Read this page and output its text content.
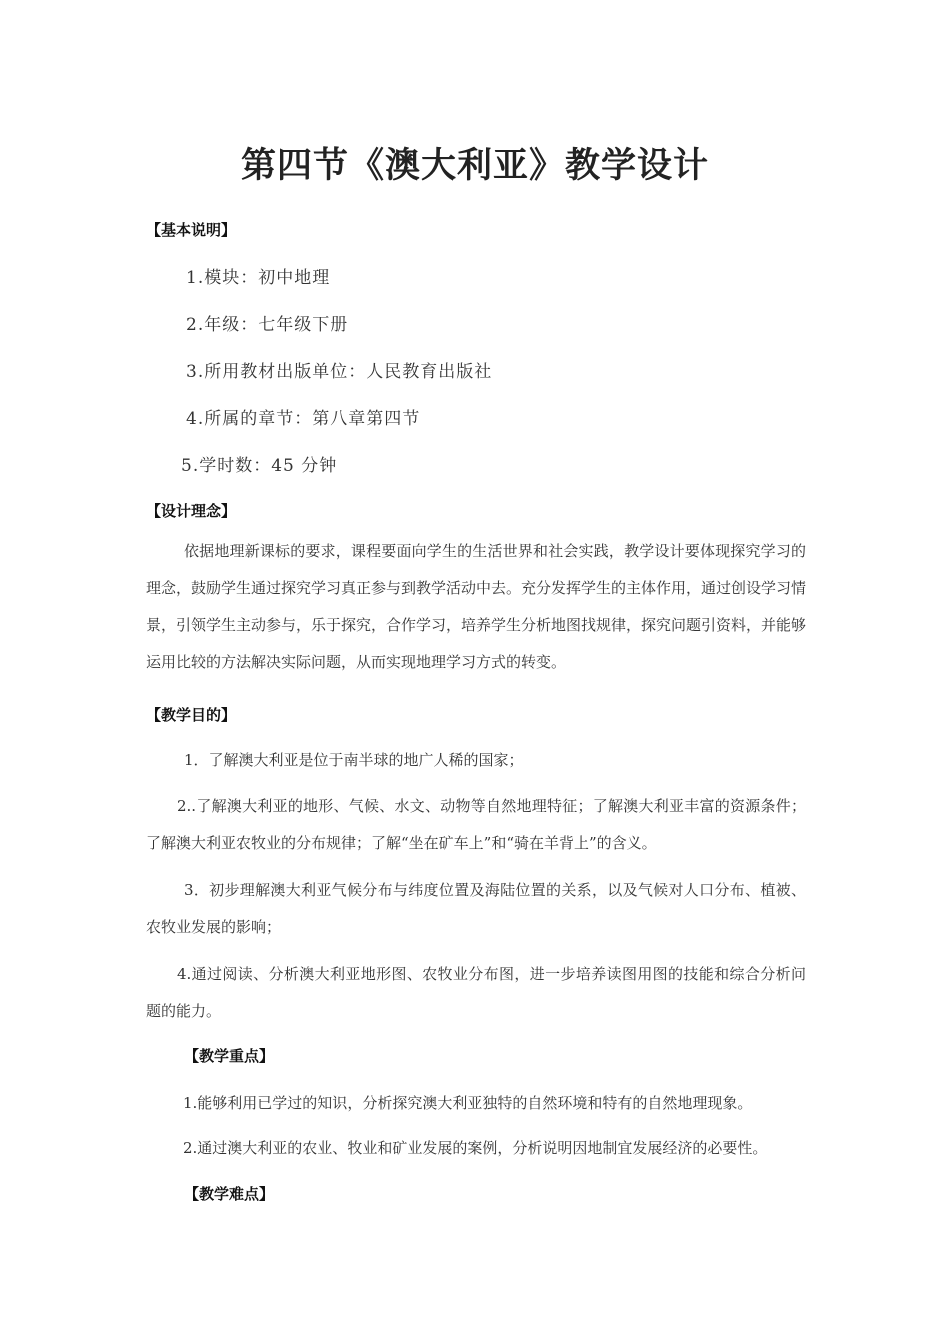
第四节《澳大利亚》教学设计
【基本说明】
1.模块：初中地理
2.年级：七年级下册
3.所用教材出版单位：人民教育出版社
4.所属的章节：第八章第四节
5.学时数：45 分钟
【设计理念】
依据地理新课标的要求，课程要面向学生的生活世界和社会实践，教学设计要体现探究学习的理念，鼓励学生通过探究学习真正参与到教学活动中去。充分发挥学生的主体作用，通过创设学习情景，引领学生主动参与，乐于探究，合作学习，培养学生分析地图找规律，探究问题引资料，并能够运用比较的方法解决实际问题，从而实现地理学习方式的转变。
【教学目的】
1．了解澳大利亚是位于南半球的地广人稀的国家；
2..了解澳大利亚的地形、气候、水文、动物等自然地理特征；了解澳大利亚丰富的资源条件；了解澳大利亚农牧业的分布规律；了解“坐在矿车上”和“骑在羊背上”的含义。
3．初步理解澳大利亚气候分布与纬度位置及海陆位置的关系，以及气候对人口分布、植被、农牧业发展的影响；
4.通过阅读、分析澳大利亚地形图、农牧业分布图，进一步培养读图用图的技能和综合分析问题的能力。
【教学重点】
1.能够利用已学过的知识，分析探究澳大利亚独特的自然环境和特有的自然地理现象。
2.通过澳大利亚的农业、牧业和矿业发展的案例，分析说明因地制宜发展经济的必要性。
【教学难点】
